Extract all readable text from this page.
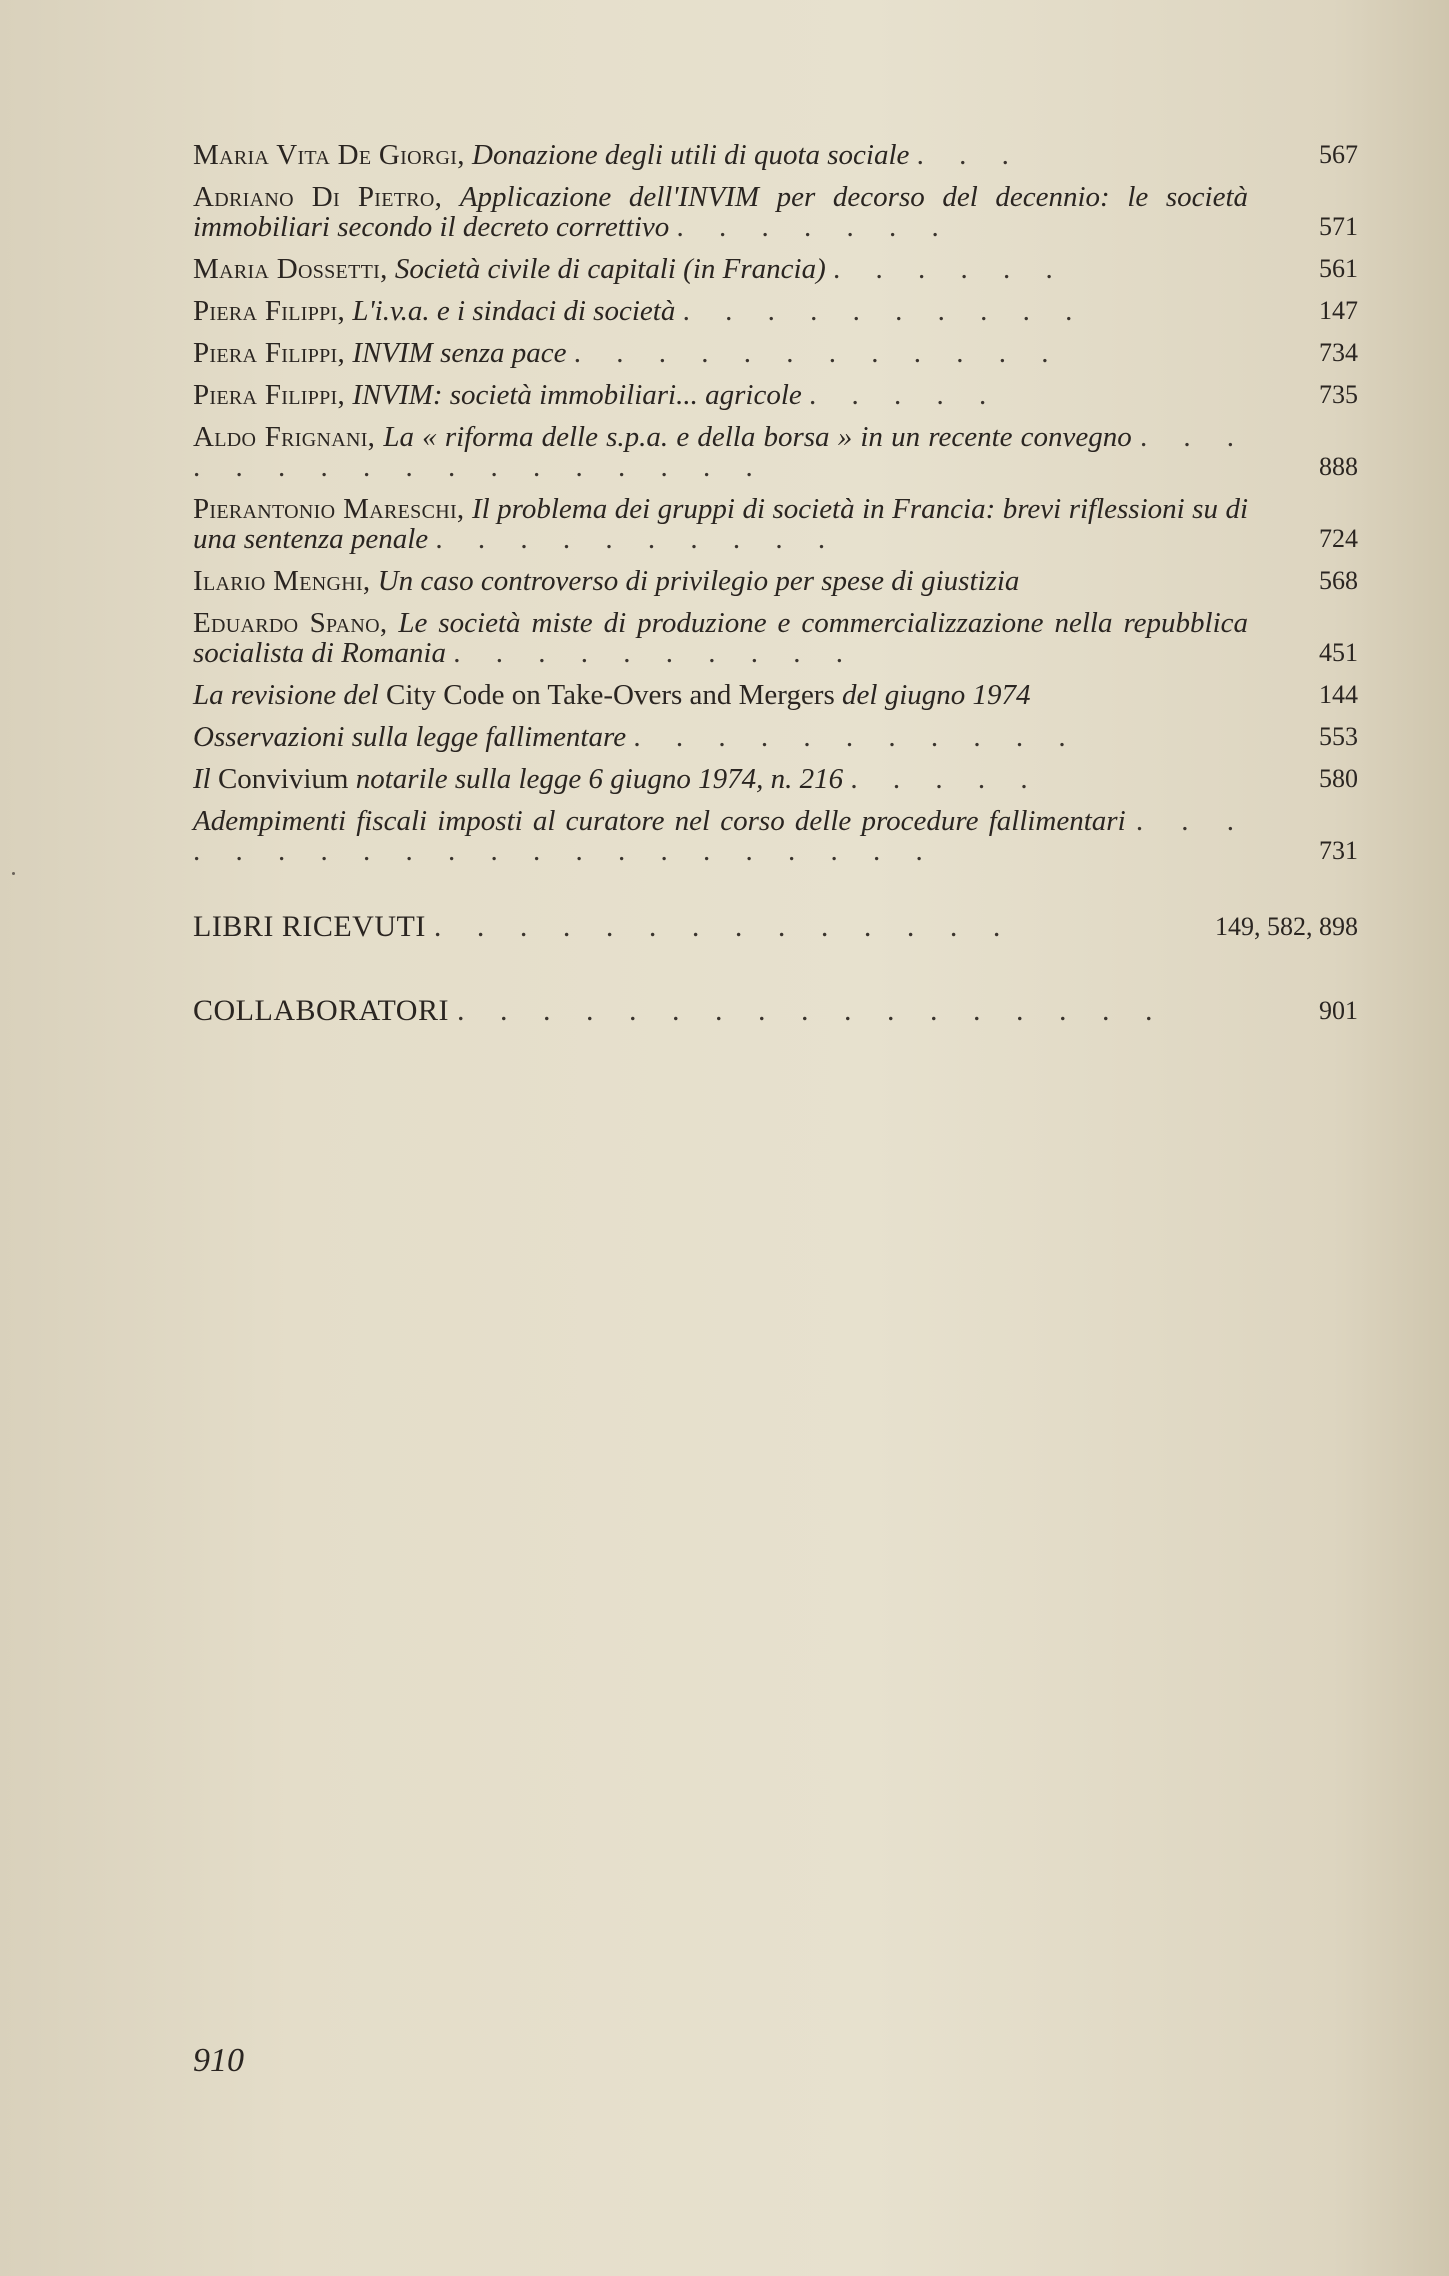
Maria Vita De Giorgi, Donazione degli utili di quota sociale . . .	567
Adriano Di Pietro, Applicazione dell'INVIM per decorso del decennio: le società immobiliari secondo il decreto correttivo . . . . . . .	571
Maria Dossetti, Società civile di capitali (in Francia) . . . . . .	561
Piera Filippi, L'i.v.a. e i sindaci di società . . . . . . . . . .	147
Piera Filippi, INVIM senza pace . . . . . . . . . . . .	734
Piera Filippi, INVIM: società immobiliari... agricole . . . . .	735
Aldo Frignani, La « riforma delle s.p.a. e della borsa » in un recente convegno . . . . . . . . . . . . . . . . .	888
Pierantonio Mareschi, Il problema dei gruppi di società in Francia: brevi riflessioni su di una sentenza penale . . . . . . . . . .	724
Ilario Menghi, Un caso controverso di privilegio per spese di giustizia	568
Eduardo Spano, Le società miste di produzione e commercializzazione nella repubblica socialista di Romania . . . . . . . . . .	451
La revisione del City Code on Take-Overs and Mergers del giugno 1974	144
Osservazioni sulla legge fallimentare . . . . . . . . . . .	553
Il Convivium notarile sulla legge 6 giugno 1974, n. 216 . . . . .	580
Adempimenti fiscali imposti al curatore nel corso delle procedure fallimentari . . . . . . . . . . . . . . . . . . . . .	731
LIBRI RICEVUTI . . . . . . . . . . . . . .	149, 582, 898
COLLABORATORI . . . . . . . . . . . . . . . . .	901
910
